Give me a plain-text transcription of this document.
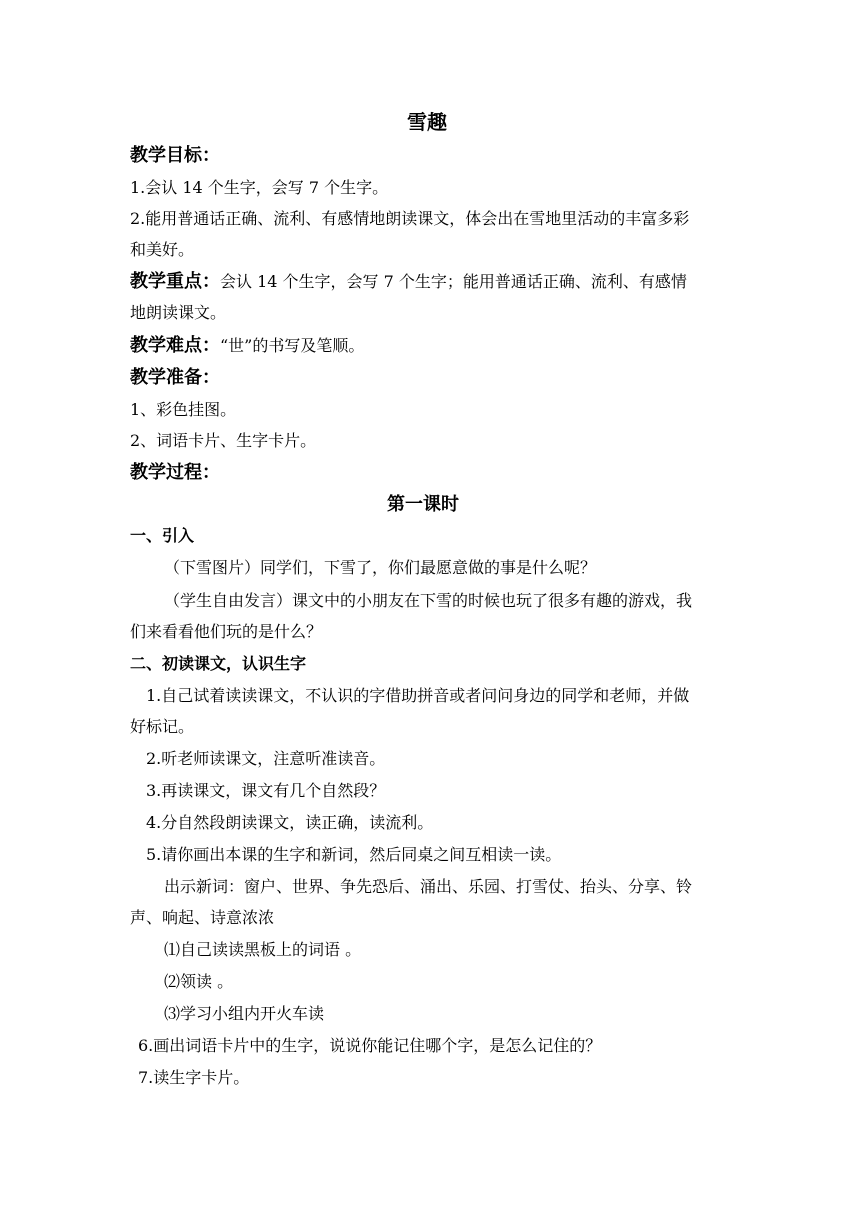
雪趣
教学目标：
1.会认 14 个生字，会写 7 个生字。
2.能用普通话正确、流利、有感情地朗读课文，体会出在雪地里活动的丰富多彩
和美好。
教学重点：会认 14 个生字，会写 7 个生字；能用普通话正确、流利、有感情
地朗读课文。
教学难点：“世”的书写及笔顺。
教学准备：
1、彩色挂图。
2、词语卡片、生字卡片。
教学过程：
第一课时
一、引入
（下雪图片）同学们，下雪了，你们最愿意做的事是什么呢？
（学生自由发言）课文中的小朋友在下雪的时候也玩了很多有趣的游戏，我
们来看看他们玩的是什么？
二、初读课文，认识生字
1.自己试着读读课文，不认识的字借助拼音或者问问身边的同学和老师，并做
好标记。
2.听老师读课文，注意听准读音。
3.再读课文，课文有几个自然段？
4.分自然段朗读课文，读正确，读流利。
5.请你画出本课的生字和新词，然后同桌之间互相读一读。
出示新词：窗户、世界、争先恐后、涌出、乐园、打雪仗、抬头、分享、铃
声、响起、诗意浓浓
⑴自己读读黑板上的词语 。
⑵领读 。
⑶学习小组内开火车读
6.画出词语卡片中的生字，说说你能记住哪个字，是怎么记住的？
7.读生字卡片。
